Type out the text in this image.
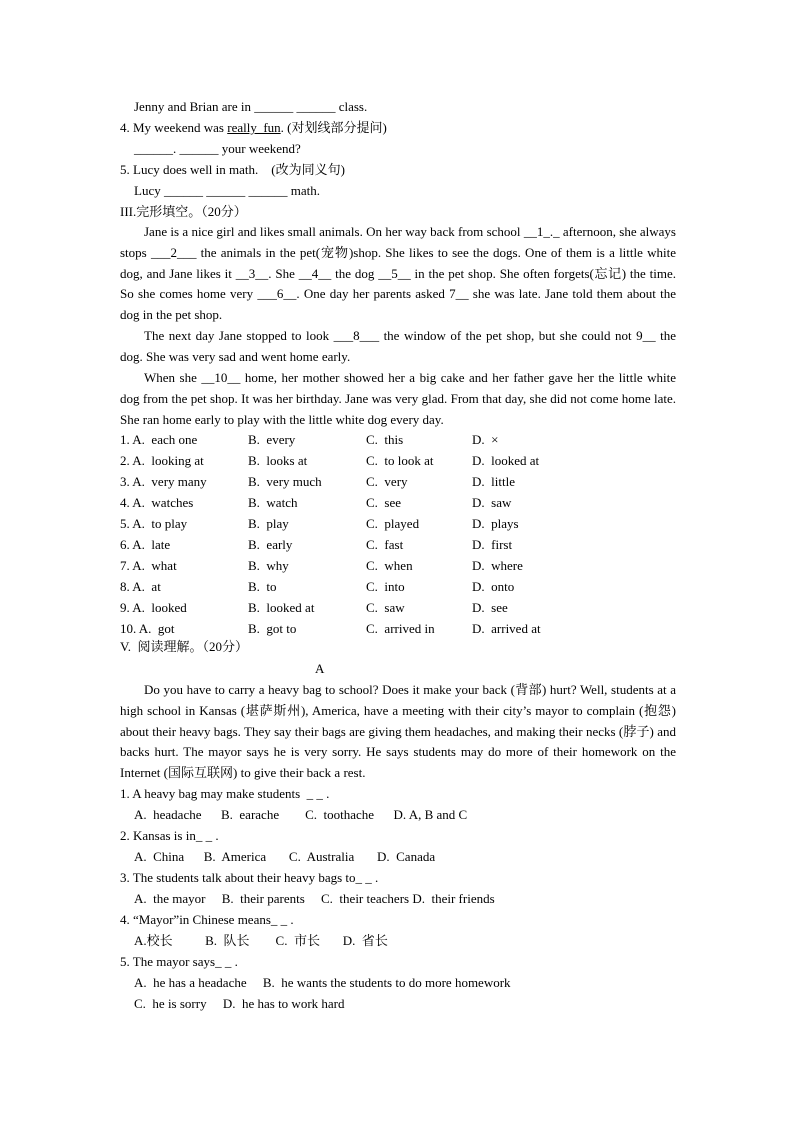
Jenny and Brian are in ______ ______ class.
4. My weekend was really  fun. (对划线部分提问)
______. ______ your weekend?
5. Lucy does well in math.    (改为同义句)
Lucy ______ ______ ______ math.
III.完形填空。（20分）
Jane is a nice girl and likes small animals. On her way back from school __1_._ afternoon, she always stops ___2___ the animals in the pet(宠物)shop. She likes to see the dogs. One of them is a little white dog, and Jane likes it __3__. She __4__ the dog __5__ in the pet shop. She often forgets(忘记) the time. So she comes home very ___6__. One day her parents asked 7__ she was late. Jane told them about the dog in the pet shop.
The next day Jane stopped to look ___8___ the window of the pet shop, but she could not 9__ the dog. She was very sad and went home early.
When she __10__ home, her mother showed her a big cake and her father gave her the little white dog from the pet shop. It was her birthday. Jane was very glad. From that day, she did not come home late. She ran home early to play with the little white dog every day.
1. A.  each one	B.  every	C.  this	D.  ×
2. A.  looking at	B.  looks at	C.  to look at	D.  looked at
3. A.  very many	B.  very much	C.  very	D.  little
4. A.  watches	B.  watch	C.  see	D.  saw
5. A.  to play	B.  play	C.  played	D.  plays
6. A.  late	B.  early	C.  fast	D.  first
7. A.  what	B.  why	C.  when	D.  where
8. A.  at	B.  to	C.  into	D.  onto
9. A.  looked	B.  looked at	C.  saw	D.  see
10. A.  got	B.  got to	C.  arrived in	D.  arrived at
V.  阅读理解。（20分）
A
Do you have to carry a heavy bag to school? Does it make your back (背部) hurt? Well, students at a high school in Kansas (堪萨斯州), America, have a meeting with their city’s mayor to complain (抱怨) about their heavy bags. They say their bags are giving them headaches, and making their necks (脖子) and backs hurt. The mayor says he is very sorry. He says students may do more of their homework on the Internet (国际互联网) to give their back a rest.
1. A heavy bag may make students  _ _ .
A.  headache      B.  earache        C.  toothache      D. A, B and C
2. Kansas is in_ _ .
A.  China      B.  America       C.  Australia       D.  Canada
3. The students talk about their heavy bags to_ _ .
A.  the mayor     B.  their parents     C.  their teachers D.  their friends
4. “Mayor”in Chinese means_ _ .
A.校长          B.  队长        C.  市长       D.  省长
5. The mayor says_ _ .
A.  he has a headache     B.  he wants the students to do more homework
C.  he is sorry     D.  he has to work hard
